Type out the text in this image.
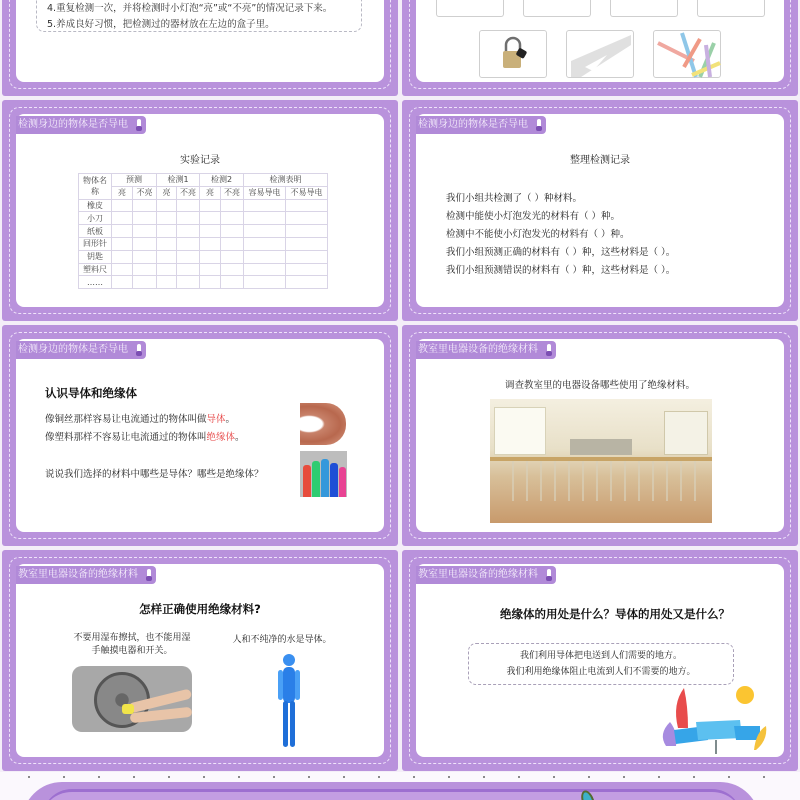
4.重复检测一次，并将检测时小灯泡“亮”或“不亮”的情况记录下来。
5.养成良好习惯，把检测过的器材放在左边的盒子里。
实验记录
物体名称	预测		检测1		检测2		检测表明	
	亮	不亮	亮	不亮	亮	不亮	容易导电	不易导电
橡皮								
小刀								
纸板								
回形针								
钥匙								
塑料尺								
……								
检测身边的物体是否导电
整理检测记录
我们小组共检测了（ ）种材料。
检测中能使小灯泡发光的材料有（ ）种。
检测中不能使小灯泡发光的材料有（ ）种。
我们小组预测正确的材料有（ ）种，这些材料是（ ）。
我们小组预测错误的材料有（ ）种，这些材料是（ ）。
检测身边的物体是否导电
认识导体和绝缘体
像铜丝那样容易让电流通过的物体叫做导体。
像塑料那样不容易让电流通过的物体叫绝缘体。
说说我们选择的材料中哪些是导体？哪些是绝缘体？
检测身边的物体是否导电
调查教室里的电器设备哪些使用了绝缘材料。
教室里电器设备的绝缘材料
怎样正确使用绝缘材料?
不要用湿布擦拭，也不能用湿
手触摸电器和开关。
人和不纯净的水是导体。
教室里电器设备的绝缘材料
绝缘体的用处是什么？导体的用处又是什么？
我们利用导体把电送到人们需要的地方。
我们利用绝缘体阻止电流到人们不需要的地方。
教室里电器设备的绝缘材料
